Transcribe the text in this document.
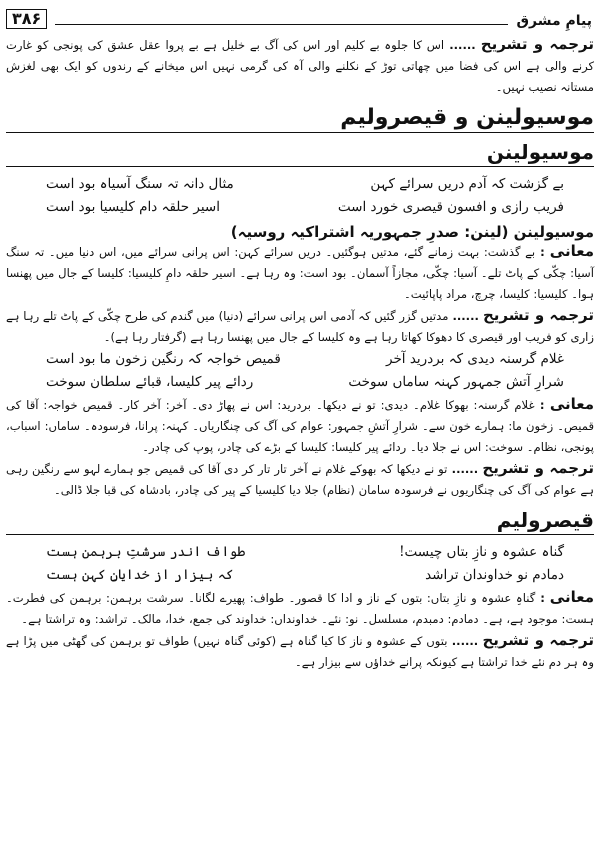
پیامِ مشرق
۳۸۶

ترجمہ و تشریح ...... اس کا جلوہ بے کلیم اور اس کی آگ بے خلیل ہے بے پروا عقل عشق کی پونجی کو غارت کرنے والی ہے اس کی فضا میں چھاتی توڑ کے نکلنے والی آہ کی گرمی نہیں اس میخانے کے رندوں کو ایک بھی لغزش مستانہ نصیب نہیں۔

موسیولینن و قیصرولیم
موسیولینن
بے گزشت کہ آدم دریں سرائے کہن
مثال دانہ تہ سنگ آسیاہ بود است
فریب رازی و افسون قیصری خورد است
اسیر حلقہ دام کلیسیا بود است
موسیولینن (لینن: صدرِ جمہوریہ اشتراکیہ روسیہ)

معانی : بے گذشت: بہت زمانے گئے، مدتیں ہوگئیں۔ دریں سرائے کہن: اس پرانی سرائے میں، اس دنیا میں۔ تہ سنگ آسیا: چکّی کے پاٹ تلے۔ آسیا: چکّی، مجازاً آسمان۔ بود است: وہ رہا ہے۔ اسیر حلقہ دامِ کلیسیا: کلیسا کے جال میں پھنسا ہوا۔ کلیسیا: کلیسا، چرچ، مراد پاپائیت۔

ترجمہ و تشریح ...... مدتیں گزر گئیں کہ آدمی اس پرانی سرائے (دنیا) میں گندم کی طرح چکّی کے پاٹ تلے رہا ہے زاری کو فریب اور قیصری کا دھوکا کھاتا رہا ہے وہ کلیسا کے جال میں پھنسا رہا ہے (گرفتار رہا ہے)۔

غلام گرسنہ دیدی کہ بردرید آخر
قمیص خواجہ کہ رنگین زخون ما بود است
شرارِ آتش جمہور کہنہ ساماں سوخت
ردائے پیر کلیسا، قبائے سلطان سوخت

معانی : غلام گرسنہ: بھوکا غلام۔ دیدی: تو نے دیکھا۔ بردرید: اس نے پھاڑ دی۔ آخر: آخر کار۔ قمیص خواجہ: آقا کی قمیص۔ زخون ما: ہمارے خون سے۔ شرارِ آتشِ جمہور: عوام کی آگ کی چنگاریاں۔ کہنہ: پرانا، فرسودہ۔ ساماں: اسباب، پونجی، نظام۔ سوخت: اس نے جلا دیا۔ ردائے پیر کلیسا: کلیسا کے بڑے کی چادر، پوپ کی چادر۔

ترجمہ و تشریح ...... تو نے دیکھا کہ بھوکے غلام نے آخر تار تار کر دی آقا کی قمیص جو ہمارے لہو سے رنگین رہی ہے عوام کی آگ کی چنگاریوں نے فرسودہ سامان (نظام) جلا دیا کلیسیا کے پیر کی چادر، بادشاہ کی قبا جلا ڈالی۔

قیصرولیم
گناہ عشوہ و نازِ بتاں چیست!
طواف اندر سرشتِ برہمن ہست
دمادم نو خداوندان تراشد
کہ بیزار از خدایانِ کہن ہست

معانی : گناہِ عشوہ و نازِ بتاں: بتوں کے ناز و ادا کا قصور۔ طواف: پھیرے لگانا۔ سرشت برہمن: برہمن کی فطرت۔ ہست: موجود ہے، ہے۔ دمادم: دمبدم، مسلسل۔ نو: نئے۔ خداونداں: خداوند کی جمع، خدا، مالک۔ تراشد: وہ تراشتا ہے۔

ترجمہ و تشریح ...... بتوں کے عشوہ و ناز کا کیا گناہ ہے (کوئی گناہ نہیں) طواف تو برہمن کی گھٹی میں پڑا ہے وہ ہر دم نئے خدا تراشتا ہے کیونکہ پرانے خداؤں سے بیزار ہے۔
